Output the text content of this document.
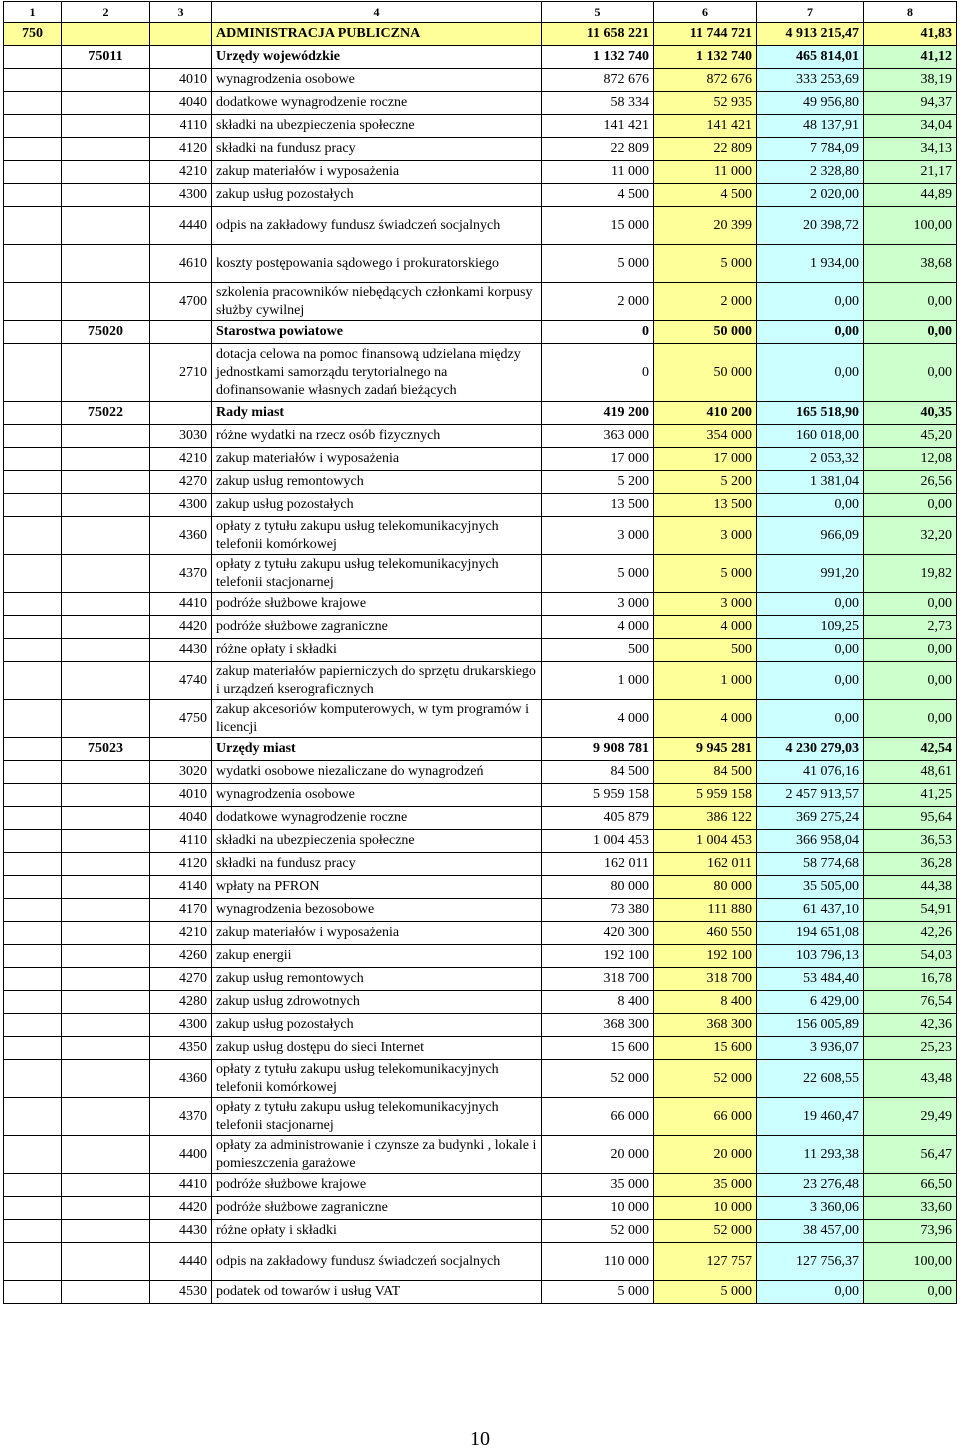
1	2	3	4	5	6	7	8
750			ADMINISTRACJA PUBLICZNA	11 658 221	11 744 721	4 913 215,47	41,83
	75011		Urzędy wojewódzkie	1 132 740	1 132 740	465 814,01	41,12
		4010	wynagrodzenia osobowe	872 676	872 676	333 253,69	38,19
		4040	dodatkowe wynagrodzenie roczne	58 334	52 935	49 956,80	94,37
		4110	składki na ubezpieczenia społeczne	141 421	141 421	48 137,91	34,04
		4120	składki na fundusz pracy	22 809	22 809	7 784,09	34,13
		4210	zakup materiałów i wyposażenia	11 000	11 000	2 328,80	21,17
		4300	zakup usług pozostałych	4 500	4 500	2 020,00	44,89
		4440	odpis na zakładowy fundusz świadczeń socjalnych	15 000	20 399	20 398,72	100,00
		4610	koszty postępowania sądowego i prokuratorskiego	5 000	5 000	1 934,00	38,68
		4700	szkolenia pracowników niebędących członkami korpusy służby cywilnej	2 000	2 000	0,00	0,00
	75020		Starostwa powiatowe	0	50 000	0,00	0,00
		2710	dotacja celowa na pomoc finansową udzielana między jednostkami samorządu terytorialnego na dofinansowanie własnych zadań bieżących	0	50 000	0,00	0,00
	75022		Rady miast	419 200	410 200	165 518,90	40,35
		3030	różne wydatki na rzecz osób fizycznych	363 000	354 000	160 018,00	45,20
		4210	zakup materiałów i wyposażenia	17 000	17 000	2 053,32	12,08
		4270	zakup usług remontowych	5 200	5 200	1 381,04	26,56
		4300	zakup usług pozostałych	13 500	13 500	0,00	0,00
		4360	opłaty z tytułu zakupu usług telekomunikacyjnych telefonii komórkowej	3 000	3 000	966,09	32,20
		4370	opłaty z tytułu zakupu usług telekomunikacyjnych telefonii stacjonarnej	5 000	5 000	991,20	19,82
		4410	podróże służbowe krajowe	3 000	3 000	0,00	0,00
		4420	podróże służbowe zagraniczne	4 000	4 000	109,25	2,73
		4430	różne opłaty i składki	500	500	0,00	0,00
		4740	zakup materiałów papierniczych do sprzętu drukarskiego i urządzeń kserograficznych	1 000	1 000	0,00	0,00
		4750	zakup akcesoriów komputerowych, w tym programów i licencji	4 000	4 000	0,00	0,00
	75023		Urzędy miast	9 908 781	9 945 281	4 230 279,03	42,54
		3020	wydatki osobowe niezaliczane do wynagrodzeń	84 500	84 500	41 076,16	48,61
		4010	wynagrodzenia osobowe	5 959 158	5 959 158	2 457 913,57	41,25
		4040	dodatkowe wynagrodzenie roczne	405 879	386 122	369 275,24	95,64
		4110	składki na ubezpieczenia społeczne	1 004 453	1 004 453	366 958,04	36,53
		4120	składki na fundusz pracy	162 011	162 011	58 774,68	36,28
		4140	wpłaty na PFRON	80 000	80 000	35 505,00	44,38
		4170	wynagrodzenia bezosobowe	73 380	111 880	61 437,10	54,91
		4210	zakup materiałów i wyposażenia	420 300	460 550	194 651,08	42,26
		4260	zakup energii	192 100	192 100	103 796,13	54,03
		4270	zakup usług remontowych	318 700	318 700	53 484,40	16,78
		4280	zakup usług zdrowotnych	8 400	8 400	6 429,00	76,54
		4300	zakup usług pozostałych	368 300	368 300	156 005,89	42,36
		4350	zakup usług dostępu do sieci Internet	15 600	15 600	3 936,07	25,23
		4360	opłaty z tytułu zakupu usług telekomunikacyjnych telefonii komórkowej	52 000	52 000	22 608,55	43,48
		4370	opłaty z tytułu zakupu usług telekomunikacyjnych telefonii stacjonarnej	66 000	66 000	19 460,47	29,49
		4400	opłaty za administrowanie i czynsze za budynki , lokale i pomieszczenia garażowe	20 000	20 000	11 293,38	56,47
		4410	podróże służbowe krajowe	35 000	35 000	23 276,48	66,50
		4420	podróże służbowe zagraniczne	10 000	10 000	3 360,06	33,60
		4430	różne opłaty i składki	52 000	52 000	38 457,00	73,96
		4440	odpis na zakładowy fundusz świadczeń socjalnych	110 000	127 757	127 756,37	100,00
		4530	podatek od towarów i usług VAT	5 000	5 000	0,00	0,00
10
